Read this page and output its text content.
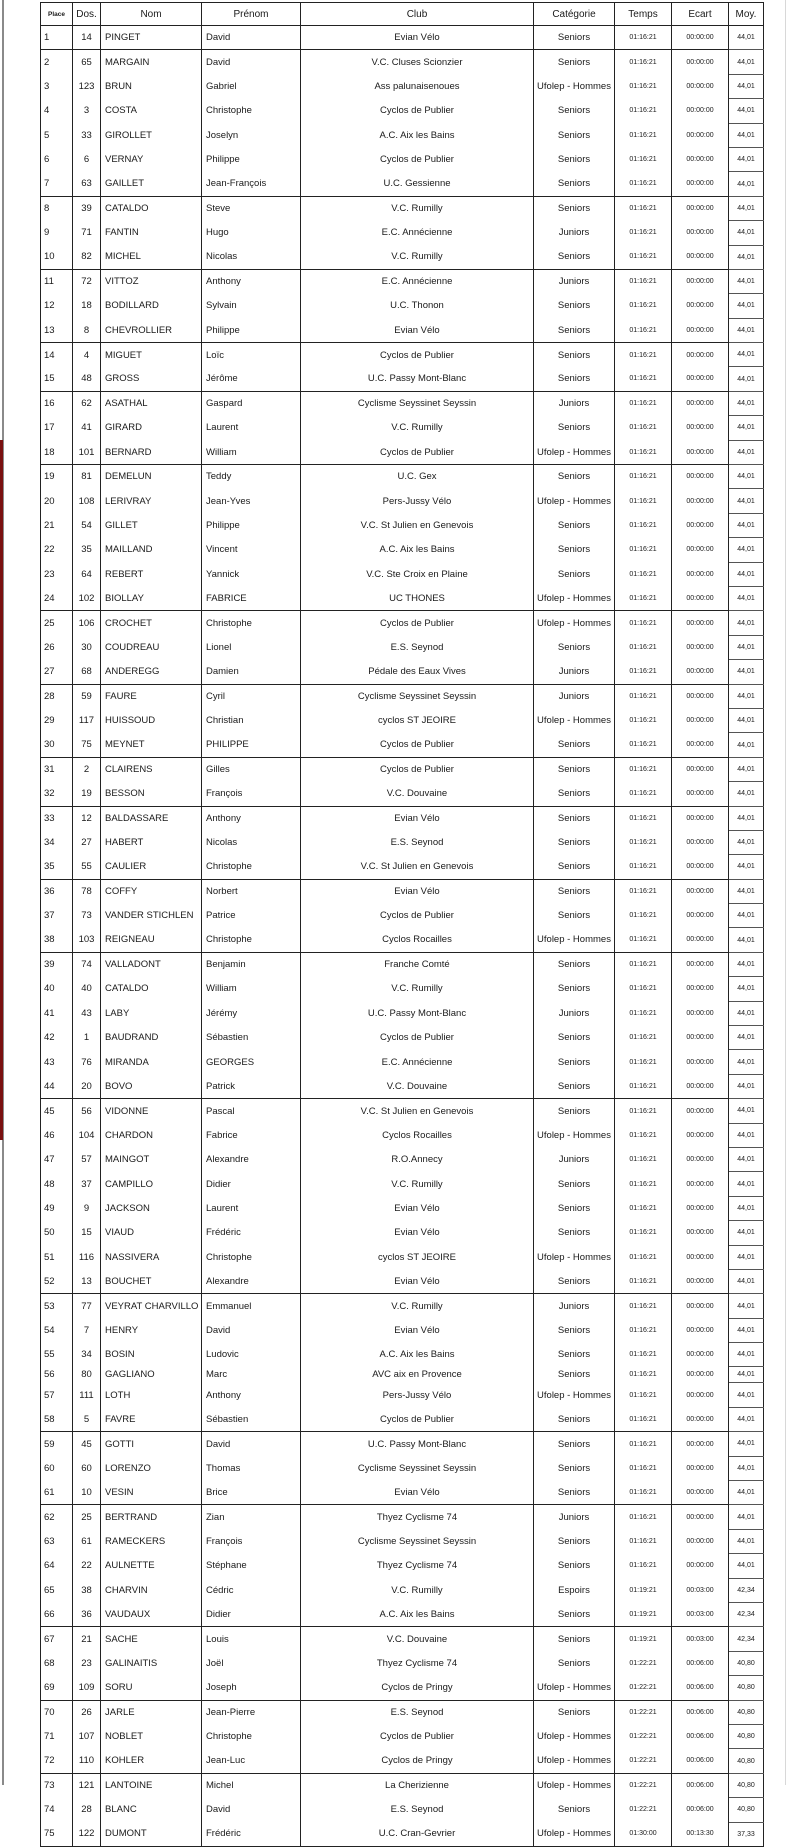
Place	Dos.	Nom	Prénom	Club	Catégorie	Temps	Ecart	Moy.
1	14	PINGET	David	Evian Vélo	Seniors	01:16:21	00:00:00	44,01
2	65	MARGAIN	David	V.C. Cluses Scionzier	Seniors	01:16:21	00:00:00	44,01
3	123	BRUN	Gabriel	Ass palunaisenoues	Ufolep - Hommes	01:16:21	00:00:00	44,01
4	3	COSTA	Christophe	Cyclos de Publier	Seniors	01:16:21	00:00:00	44,01
5	33	GIROLLET	Joselyn	A.C. Aix les Bains	Seniors	01:16:21	00:00:00	44,01
6	6	VERNAY	Philippe	Cyclos de Publier	Seniors	01:16:21	00:00:00	44,01
7	63	GAILLET	Jean-François	U.C. Gessienne	Seniors	01:16:21	00:00:00	44,01
8	39	CATALDO	Steve	V.C. Rumilly	Seniors	01:16:21	00:00:00	44,01
9	71	FANTIN	Hugo	E.C. Annécienne	Juniors	01:16:21	00:00:00	44,01
10	82	MICHEL	Nicolas	V.C. Rumilly	Seniors	01:16:21	00:00:00	44,01
11	72	VITTOZ	Anthony	E.C. Annécienne	Juniors	01:16:21	00:00:00	44,01
12	18	BODILLARD	Sylvain	U.C. Thonon	Seniors	01:16:21	00:00:00	44,01
13	8	CHEVROLLIER	Philippe	Evian Vélo	Seniors	01:16:21	00:00:00	44,01
14	4	MIGUET	Loïc	Cyclos de Publier	Seniors	01:16:21	00:00:00	44,01
15	48	GROSS	Jérôme	U.C. Passy Mont-Blanc	Seniors	01:16:21	00:00:00	44,01
16	62	ASATHAL	Gaspard	Cyclisme Seyssinet Seyssin	Juniors	01:16:21	00:00:00	44,01
17	41	GIRARD	Laurent	V.C. Rumilly	Seniors	01:16:21	00:00:00	44,01
18	101	BERNARD	William	Cyclos de Publier	Ufolep - Hommes	01:16:21	00:00:00	44,01
19	81	DEMELUN	Teddy	U.C. Gex	Seniors	01:16:21	00:00:00	44,01
20	108	LERIVRAY	Jean-Yves	Pers-Jussy Vélo	Ufolep - Hommes	01:16:21	00:00:00	44,01
21	54	GILLET	Philippe	V.C. St Julien en Genevois	Seniors	01:16:21	00:00:00	44,01
22	35	MAILLAND	Vincent	A.C. Aix les Bains	Seniors	01:16:21	00:00:00	44,01
23	64	REBERT	Yannick	V.C. Ste Croix en Plaine	Seniors	01:16:21	00:00:00	44,01
24	102	BIOLLAY	FABRICE	UC THONES	Ufolep - Hommes	01:16:21	00:00:00	44,01
25	106	CROCHET	Christophe	Cyclos de Publier	Ufolep - Hommes	01:16:21	00:00:00	44,01
26	30	COUDREAU	Lionel	E.S. Seynod	Seniors	01:16:21	00:00:00	44,01
27	68	ANDEREGG	Damien	Pédale des Eaux Vives	Juniors	01:16:21	00:00:00	44,01
28	59	FAURE	Cyril	Cyclisme Seyssinet Seyssin	Juniors	01:16:21	00:00:00	44,01
29	117	HUISSOUD	Christian	cyclos ST JEOIRE	Ufolep - Hommes	01:16:21	00:00:00	44,01
30	75	MEYNET	PHILIPPE	Cyclos de Publier	Seniors	01:16:21	00:00:00	44,01
31	2	CLAIRENS	Gilles	Cyclos de Publier	Seniors	01:16:21	00:00:00	44,01
32	19	BESSON	François	V.C. Douvaine	Seniors	01:16:21	00:00:00	44,01
33	12	BALDASSARE	Anthony	Evian Vélo	Seniors	01:16:21	00:00:00	44,01
34	27	HABERT	Nicolas	E.S. Seynod	Seniors	01:16:21	00:00:00	44,01
35	55	CAULIER	Christophe	V.C. St Julien en Genevois	Seniors	01:16:21	00:00:00	44,01
36	78	COFFY	Norbert	Evian Vélo	Seniors	01:16:21	00:00:00	44,01
37	73	VANDER STICHLEN	Patrice	Cyclos de Publier	Seniors	01:16:21	00:00:00	44,01
38	103	REIGNEAU	Christophe	Cyclos Rocailles	Ufolep - Hommes	01:16:21	00:00:00	44,01
39	74	VALLADONT	Benjamin	Franche Comté	Seniors	01:16:21	00:00:00	44,01
40	40	CATALDO	William	V.C. Rumilly	Seniors	01:16:21	00:00:00	44,01
41	43	LABY	Jérémy	U.C. Passy Mont-Blanc	Juniors	01:16:21	00:00:00	44,01
42	1	BAUDRAND	Sébastien	Cyclos de Publier	Seniors	01:16:21	00:00:00	44,01
43	76	MIRANDA	GEORGES	E.C. Annécienne	Seniors	01:16:21	00:00:00	44,01
44	20	BOVO	Patrick	V.C. Douvaine	Seniors	01:16:21	00:00:00	44,01
45	56	VIDONNE	Pascal	V.C. St Julien en Genevois	Seniors	01:16:21	00:00:00	44,01
46	104	CHARDON	Fabrice	Cyclos Rocailles	Ufolep - Hommes	01:16:21	00:00:00	44,01
47	57	MAINGOT	Alexandre	R.O.Annecy	Juniors	01:16:21	00:00:00	44,01
48	37	CAMPILLO	Didier	V.C. Rumilly	Seniors	01:16:21	00:00:00	44,01
49	9	JACKSON	Laurent	Evian Vélo	Seniors	01:16:21	00:00:00	44,01
50	15	VIAUD	Frédéric	Evian Vélo	Seniors	01:16:21	00:00:00	44,01
51	116	NASSIVERA	Christophe	cyclos ST JEOIRE	Ufolep - Hommes	01:16:21	00:00:00	44,01
52	13	BOUCHET	Alexandre	Evian Vélo	Seniors	01:16:21	00:00:00	44,01
53	77	VEYRAT CHARVILLO	Emmanuel	V.C. Rumilly	Juniors	01:16:21	00:00:00	44,01
54	7	HENRY	David	Evian Vélo	Seniors	01:16:21	00:00:00	44,01
55	34	BOSIN	Ludovic	A.C. Aix les Bains	Seniors	01:16:21	00:00:00	44,01
56	80	GAGLIANO	Marc	AVC aix en Provence	Seniors	01:16:21	00:00:00	44,01
57	111	LOTH	Anthony	Pers-Jussy Vélo	Ufolep - Hommes	01:16:21	00:00:00	44,01
58	5	FAVRE	Sébastien	Cyclos de Publier	Seniors	01:16:21	00:00:00	44,01
59	45	GOTTI	David	U.C. Passy Mont-Blanc	Seniors	01:16:21	00:00:00	44,01
60	60	LORENZO	Thomas	Cyclisme Seyssinet Seyssin	Seniors	01:16:21	00:00:00	44,01
61	10	VESIN	Brice	Evian Vélo	Seniors	01:16:21	00:00:00	44,01
62	25	BERTRAND	Zian	Thyez Cyclisme 74	Juniors	01:16:21	00:00:00	44,01
63	61	RAMECKERS	François	Cyclisme Seyssinet Seyssin	Seniors	01:16:21	00:00:00	44,01
64	22	AULNETTE	Stéphane	Thyez Cyclisme 74	Seniors	01:16:21	00:00:00	44,01
65	38	CHARVIN	Cédric	V.C. Rumilly	Espoirs	01:19:21	00:03:00	42,34
66	36	VAUDAUX	Didier	A.C. Aix les Bains	Seniors	01:19:21	00:03:00	42,34
67	21	SACHE	Louis	V.C. Douvaine	Seniors	01:19:21	00:03:00	42,34
68	23	GALINAITIS	Joël	Thyez Cyclisme 74	Seniors	01:22:21	00:06:00	40,80
69	109	SORU	Joseph	Cyclos de Pringy	Ufolep - Hommes	01:22:21	00:06:00	40,80
70	26	JARLE	Jean-Pierre	E.S. Seynod	Seniors	01:22:21	00:06:00	40,80
71	107	NOBLET	Christophe	Cyclos de Publier	Ufolep - Hommes	01:22:21	00:06:00	40,80
72	110	KOHLER	Jean-Luc	Cyclos de Pringy	Ufolep - Hommes	01:22:21	00:06:00	40,80
73	121	LANTOINE	Michel	La Cherizienne	Ufolep - Hommes	01:22:21	00:06:00	40,80
74	28	BLANC	David	E.S. Seynod	Seniors	01:22:21	00:06:00	40,80
75	122	DUMONT	Frédéric	U.C. Cran-Gevrier	Ufolep - Hommes	01:30:00	00:13:30	37,33
